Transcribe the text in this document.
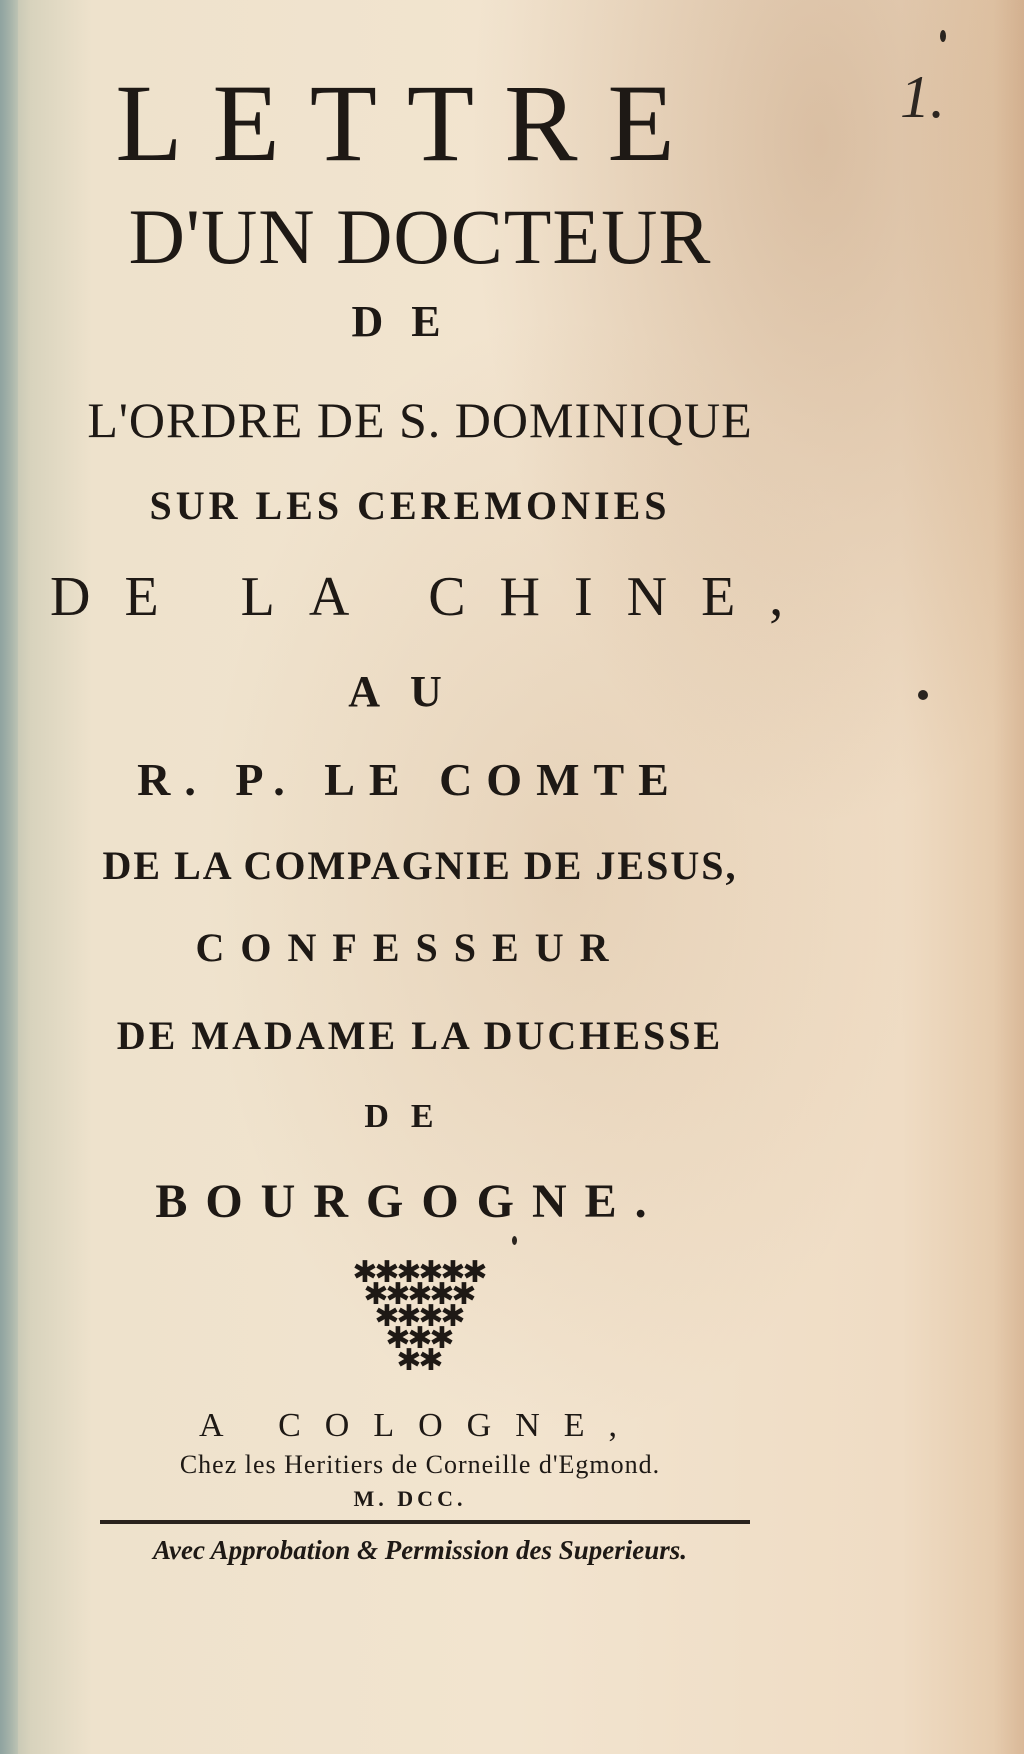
1.
LETTRE
D'UN DOCTEUR
DE
L'ORDRE DE S. DOMINIQUE
SUR LES CEREMONIES
DE LA CHINE,
AU
R. P. LE COMTE
DE LA COMPAGNIE DE JESUS,
CONFESSEUR
DE MADAME LA DUCHESSE
DE
BOURGOGNE.
✱
✱
✱
✱
✱
✱
✱
✱
✱
✱
✱
✱
✱
✱
✱
✱
✱
✱
✱
✱
A COLOGNE,
Chez les Heritiers de Corneille d'Egmond.
M. DCC.
Avec Approbation & Permission des Superieurs.
